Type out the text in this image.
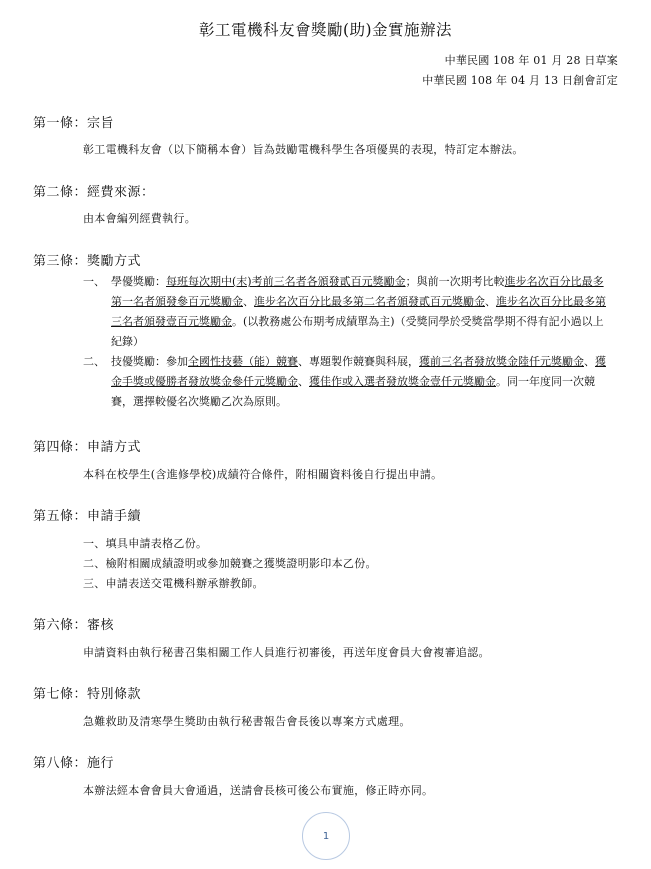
彰工電機科友會獎勵(助)金實施辦法
中華民國 108 年 01 月 28 日草案
中華民國 108 年 04 月 13 日創會訂定
第一條：宗旨
彰工電機科友會（以下簡稱本會）旨為鼓勵電機科學生各項優異的表現，特訂定本辦法。
第二條：經費來源：
由本會編列經費執行。
第三條：獎勵方式
一、 學優獎勵：每班每次期中(末)考前三名者各頒發貳百元獎勵金；與前一次期考比較進步名次百分比最多第一名者頒發參百元獎勵金、進步名次百分比最多第二名者頒發貳百元獎勵金、進步名次百分比最多第三名者頒發壹百元獎勵金。(以教務處公布期考成績單為主)（受獎同學於受獎當學期不得有記小過以上紀錄）
二、 技優獎勵：參加全國性技藝（能）競賽、專題製作競賽與科展，獲前三名者發放獎金陸仟元獎勵金、獲金手獎或優勝者發放獎金參仟元獎勵金、獲佳作或入選者發放獎金壹仟元獎勵金。同一年度同一次競賽，選擇較優名次獎勵乙次為原則。
第四條：申請方式
本科在校學生(含進修學校)成績符合條件，附相關資料後自行提出申請。
第五條：申請手續
一、填具申請表格乙份。
二、檢附相關成績證明或參加競賽之獲獎證明影印本乙份。
三、申請表送交電機科辦承辦教師。
第六條：審核
申請資料由執行秘書召集相關工作人員進行初審後，再送年度會員大會複審追認。
第七條：特別條款
急難救助及清寒學生獎助由執行秘書報告會長後以專案方式處理。
第八條：施行
本辦法經本會會員大會通過，送請會長核可後公布實施，修正時亦同。
1
